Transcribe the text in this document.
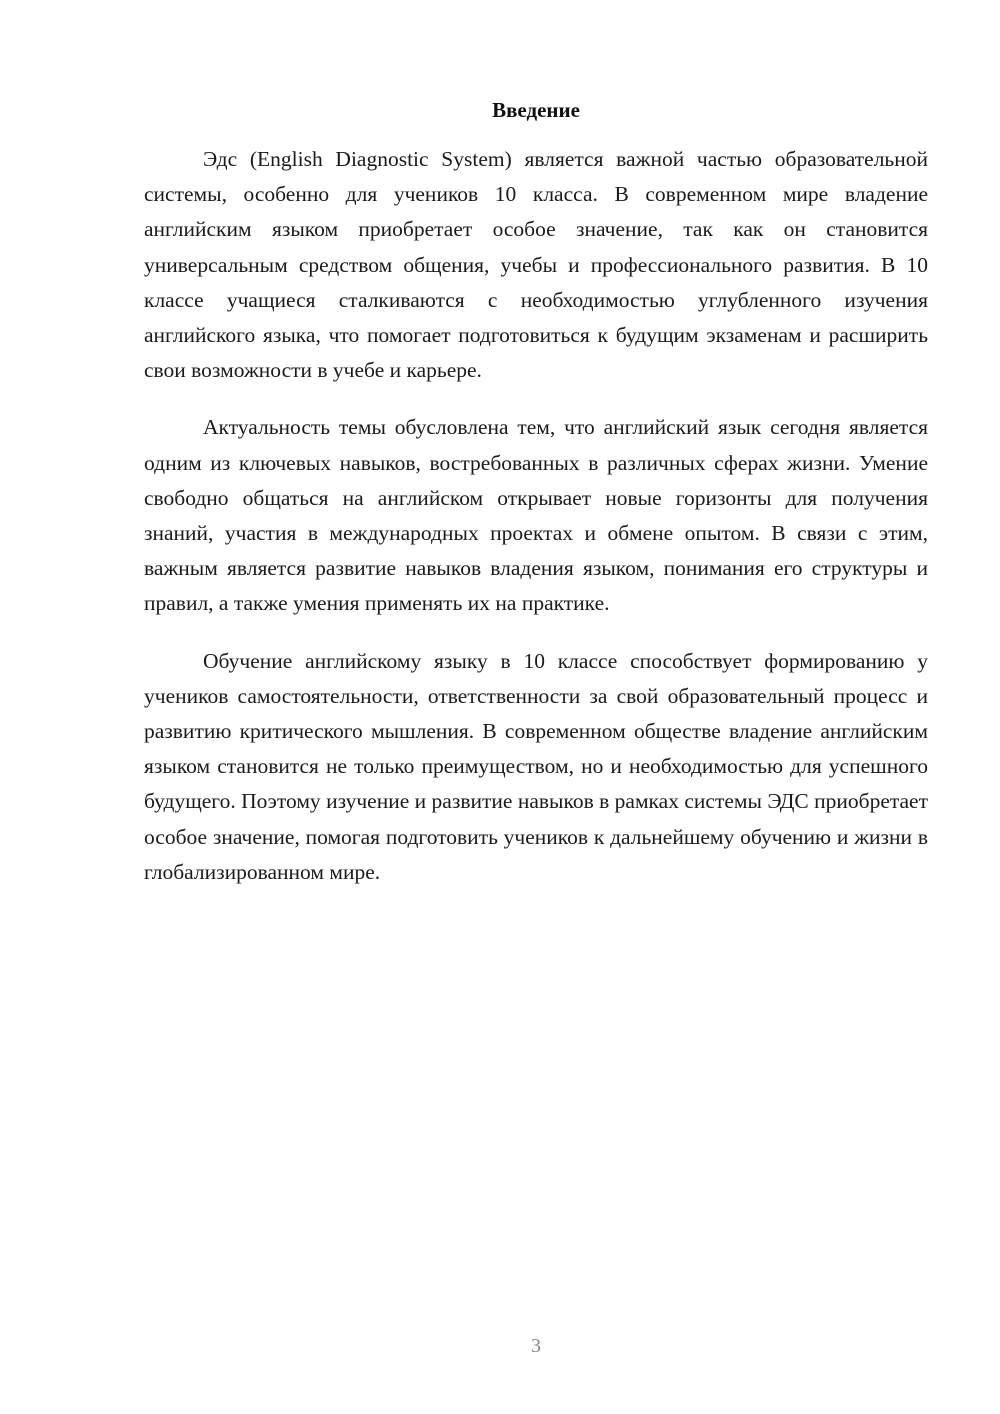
Введение

Эдс (English Diagnostic System) является важной частью образовательной системы, особенно для учеников 10 класса. В современном мире владение английским языком приобретает особое значение, так как он становится универсальным средством общения, учебы и профессионального развития. В 10 классе учащиеся сталкиваются с необходимостью углубленного изучения английского языка, что помогает подготовиться к будущим экзаменам и расширить свои возможности в учебе и карьере.

Актуальность темы обусловлена тем, что английский язык сегодня является одним из ключевых навыков, востребованных в различных сферах жизни. Умение свободно общаться на английском открывает новые горизонты для получения знаний, участия в международных проектах и обмене опытом. В связи с этим, важным является развитие навыков владения языком, понимания его структуры и правил, а также умения применять их на практике.

Обучение английскому языку в 10 классе способствует формированию у учеников самостоятельности, ответственности за свой образовательный процесс и развитию критического мышления. В современном обществе владение английским языком становится не только преимуществом, но и необходимостью для успешного будущего. Поэтому изучение и развитие навыков в рамках системы ЭДС приобретает особое значение, помогая подготовить учеников к дальнейшему обучению и жизни в глобализированном мире.

3
